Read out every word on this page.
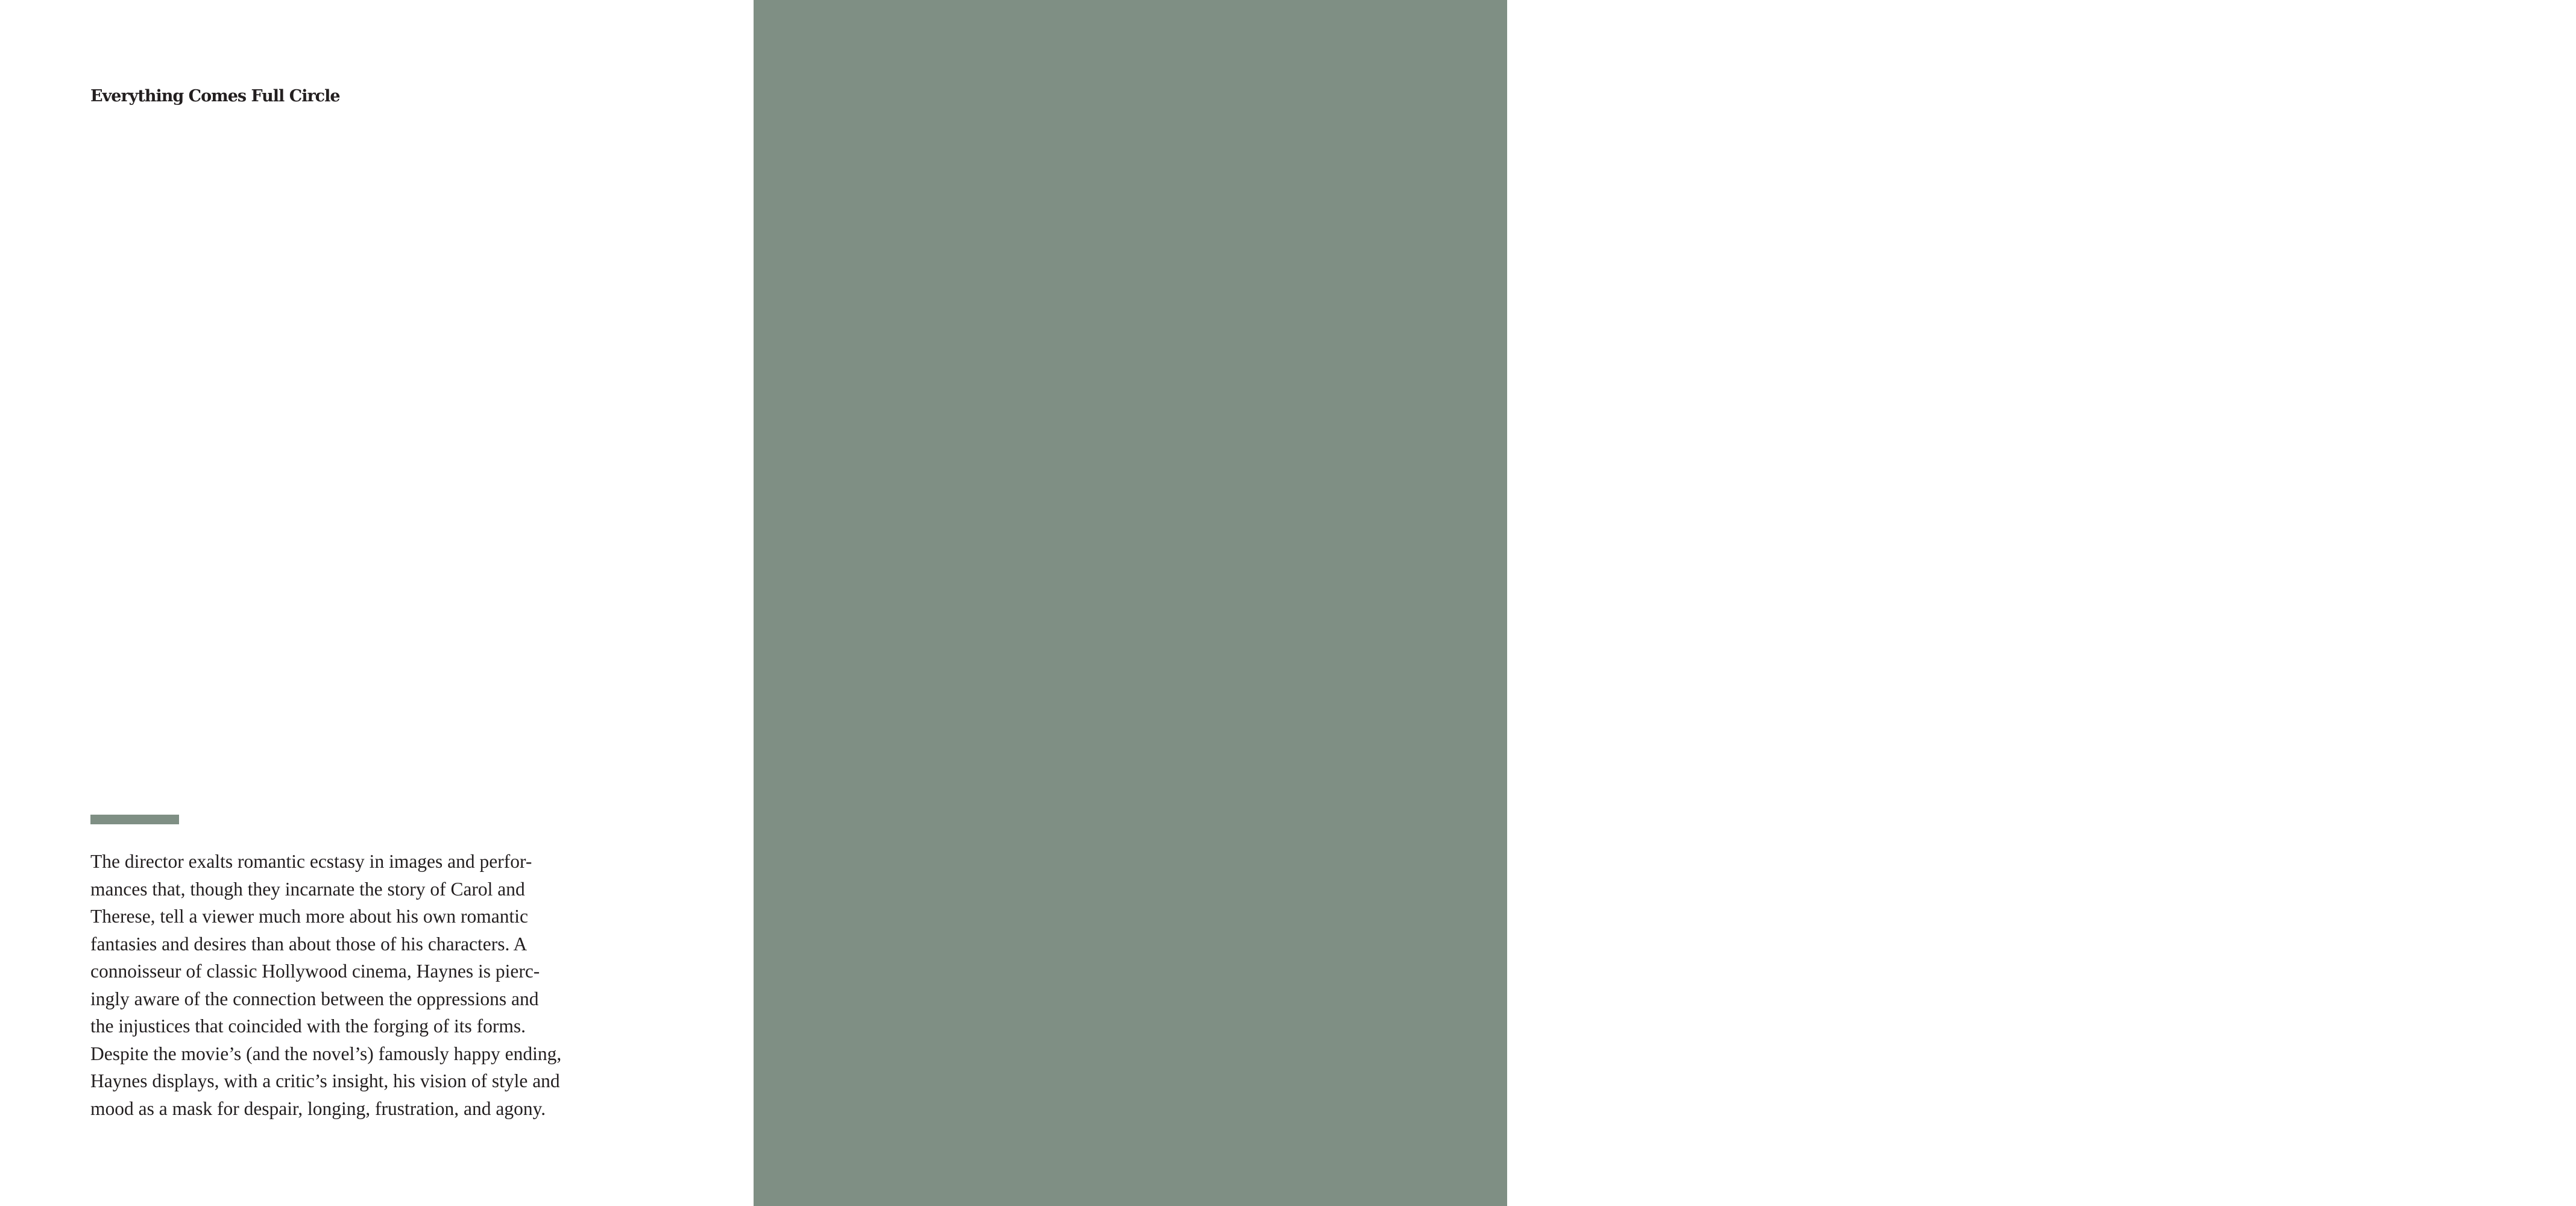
Everything Comes Full Circle
The director exalts romantic ecstasy in images and perfor-
mances that, though they incarnate the story of Carol and
Therese, tell a viewer much more about his own romantic
fantasies and desires than about those of his characters. A
connoisseur of classic Hollywood cinema, Haynes is pierc-
ingly aware of the connection between the oppressions and
the injustices that coincided with the forging of its forms.
Despite the movie’s (and the novel’s) famously happy ending,
Haynes displays, with a critic’s insight, his vision of style and
mood as a mask for despair, longing, frustration, and agony.
“CAROL” Up Close by Richard Brody	50
Their love requires a special courage, a special daring, a special will.
